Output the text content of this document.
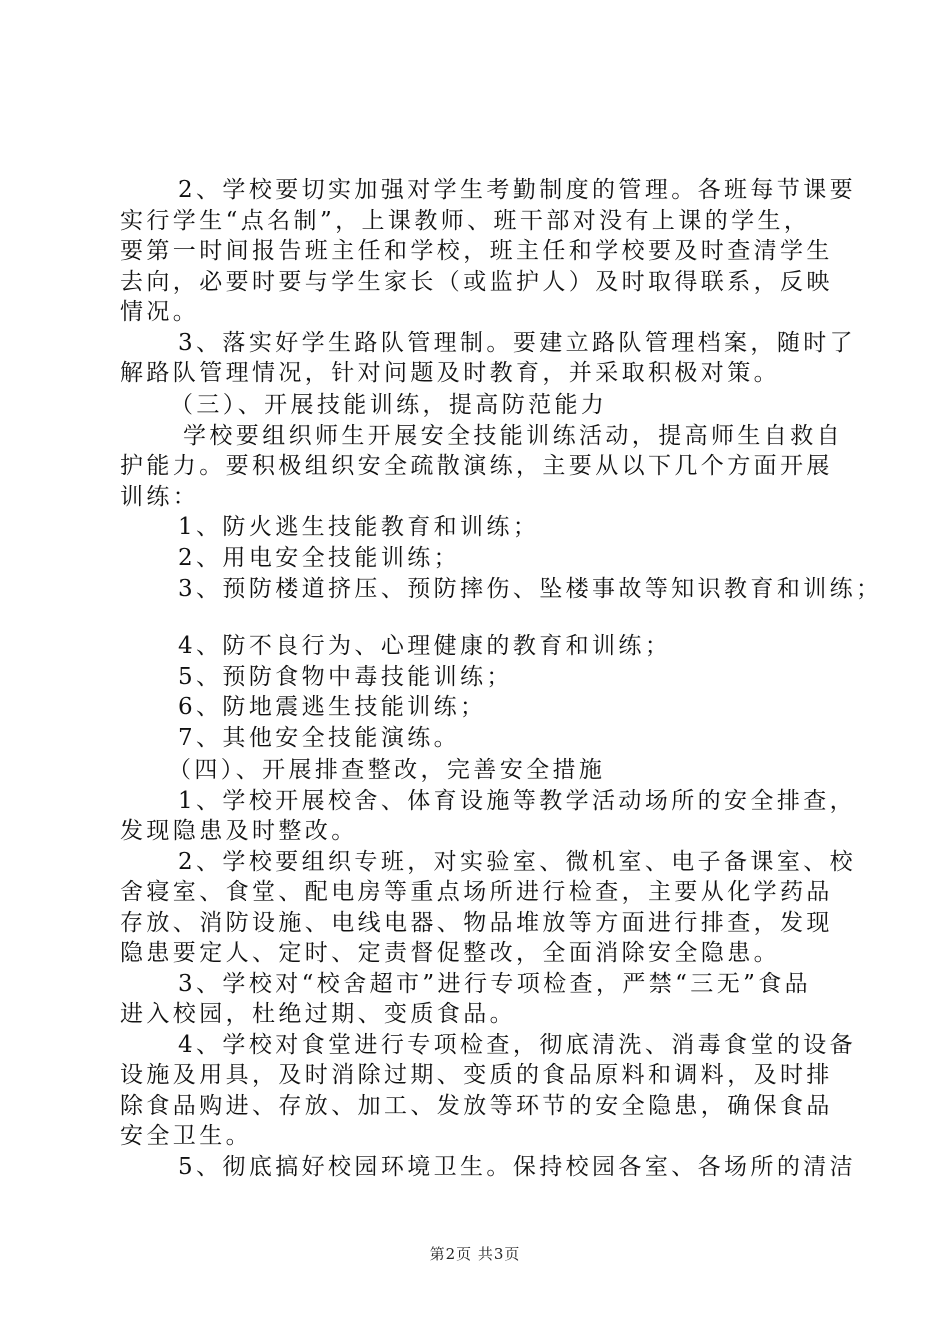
2、学校要切实加强对学生考勤制度的管理。各班每节课要
实行学生“点名制”，上课教师、班干部对没有上课的学生，
要第一时间报告班主任和学校，班主任和学校要及时查清学生
去向，必要时要与学生家长（或监护人）及时取得联系，反映
情况。
3、落实好学生路队管理制。要建立路队管理档案，随时了
解路队管理情况，针对问题及时教育，并采取积极对策。
（三）、开展技能训练，提高防范能力
学校要组织师生开展安全技能训练活动，提高师生自救自
护能力。要积极组织安全疏散演练，主要从以下几个方面开展
训练：
1、防火逃生技能教育和训练；
2、用电安全技能训练；
3、预防楼道挤压、预防摔伤、坠楼事故等知识教育和训练；
4、防不良行为、心理健康的教育和训练；
5、预防食物中毒技能训练；
6、防地震逃生技能训练；
7、其他安全技能演练。
（四）、开展排查整改，完善安全措施
1、学校开展校舍、体育设施等教学活动场所的安全排查，
发现隐患及时整改。
2、学校要组织专班，对实验室、微机室、电子备课室、校
舍寝室、食堂、配电房等重点场所进行检查，主要从化学药品
存放、消防设施、电线电器、物品堆放等方面进行排查，发现
隐患要定人、定时、定责督促整改，全面消除安全隐患。
3、学校对“校舍超市”进行专项检查，严禁“三无”食品
进入校园，杜绝过期、变质食品。
4、学校对食堂进行专项检查，彻底清洗、消毒食堂的设备
设施及用具，及时消除过期、变质的食品原料和调料，及时排
除食品购进、存放、加工、发放等环节的安全隐患，确保食品
安全卫生。
5、彻底搞好校园环境卫生。保持校园各室、各场所的清洁
第2页 共3页
